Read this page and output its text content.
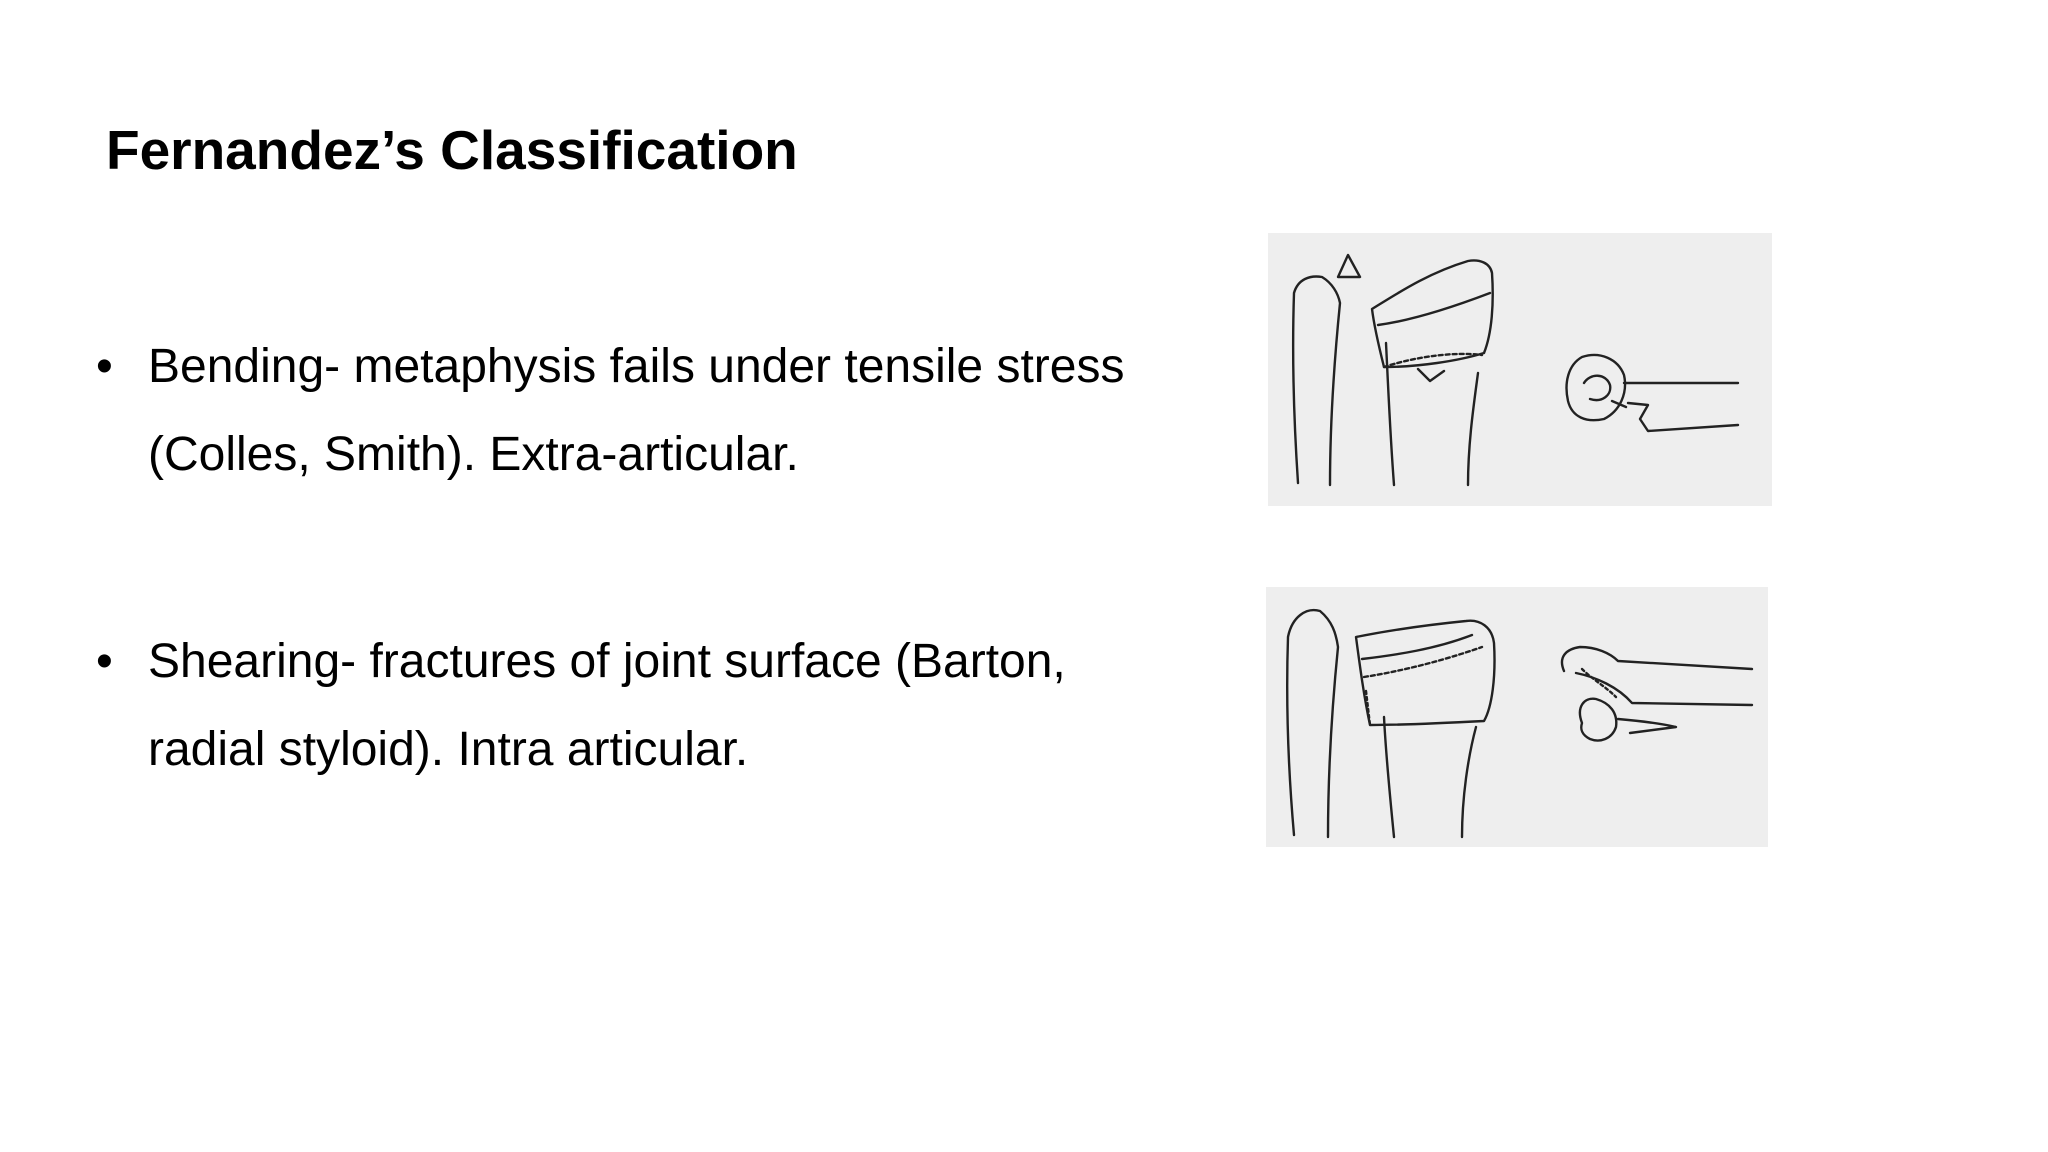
Fernandez’s Classification
• Bending- metaphysis fails under tensile stress (Colles, Smith). Extra-articular.
• Shearing- fractures of joint surface (Barton, radial styloid). Intra articular.
